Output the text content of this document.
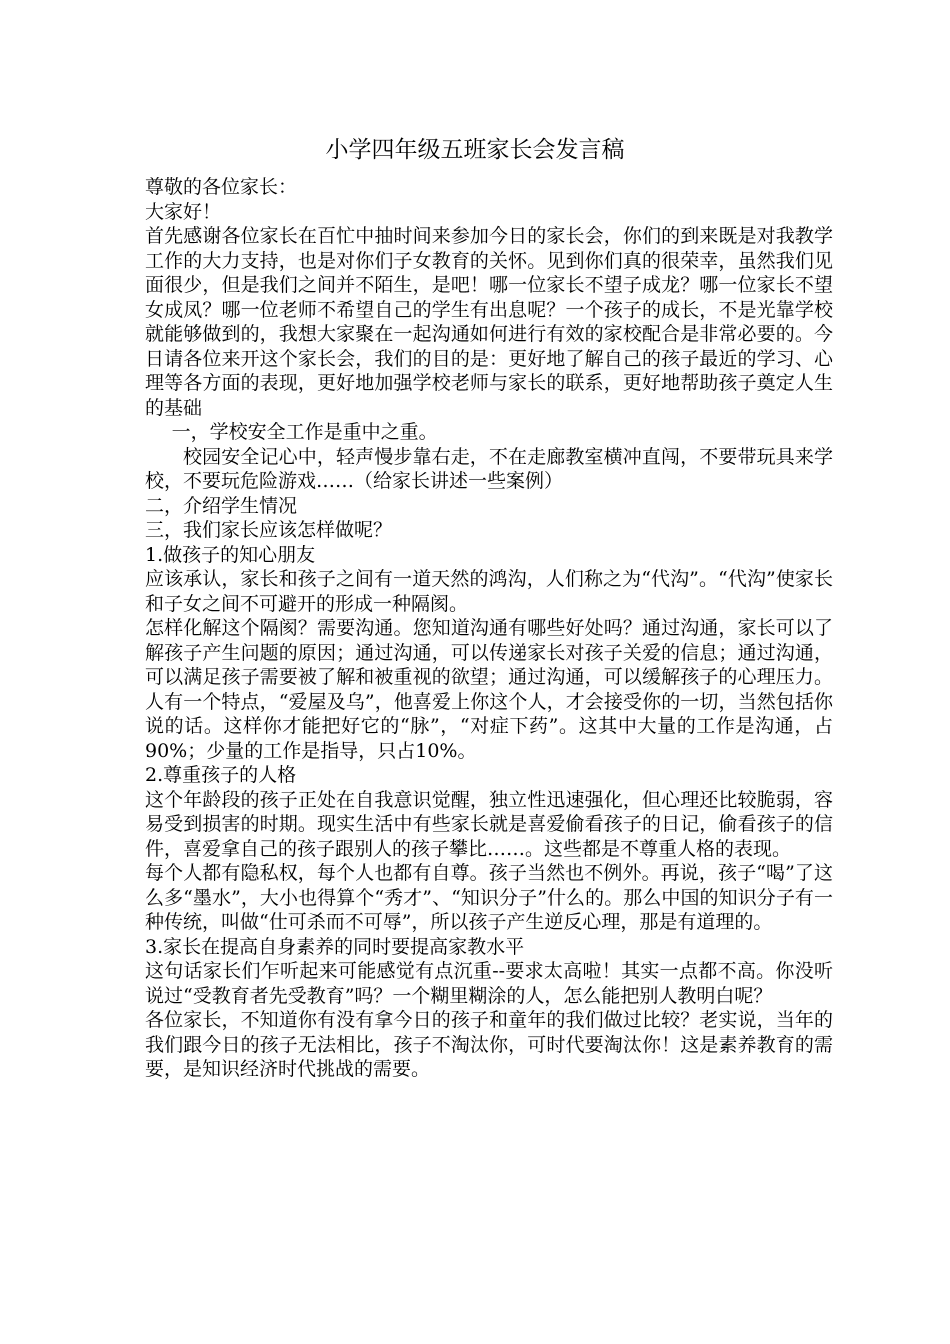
小学四年级五班家长会发言稿

尊敬的各位家长：

大家好！

首先感谢各位家长在百忙中抽时间来参加今日的家长会，你们的到来既是对我教学工作的大力支持，也是对你们子女教育的关怀。见到你们真的很荣幸，虽然我们见面很少，但是我们之间并不陌生，是吧！哪一位家长不望子成龙？哪一位家长不望女成凤？哪一位老师不希望自己的学生有出息呢？一个孩子的成长，不是光靠学校就能够做到的，我想大家聚在一起沟通如何进行有效的家校配合是非常必要的。今日请各位来开这个家长会，我们的目的是：更好地了解自己的孩子最近的学习、心理等各方面的表现，更好地加强学校老师与家长的联系，更好地帮助孩子奠定人生的基础

一，学校安全工作是重中之重。

校园安全记心中，轻声慢步靠右走，不在走廊教室横冲直闯，不要带玩具来学校，不要玩危险游戏……（给家长讲述一些案例）

二，介绍学生情况

三，我们家长应该怎样做呢？

1.做孩子的知心朋友

应该承认，家长和孩子之间有一道天然的鸿沟，人们称之为“代沟”。“代沟”使家长和子女之间不可避开的形成一种隔阂。

怎样化解这个隔阂？需要沟通。您知道沟通有哪些好处吗？通过沟通，家长可以了解孩子产生问题的原因；通过沟通，可以传递家长对孩子关爱的信息；通过沟通，可以满足孩子需要被了解和被重视的欲望；通过沟通，可以缓解孩子的心理压力。人有一个特点，“爱屋及乌”，他喜爱上你这个人，才会接受你的一切，当然包括你说的话。这样你才能把好它的“脉”，“对症下药”。这其中大量的工作是沟通，占90%；少量的工作是指导，只占10%。

2.尊重孩子的人格

这个年龄段的孩子正处在自我意识觉醒，独立性迅速强化，但心理还比较脆弱，容易受到损害的时期。现实生活中有些家长就是喜爱偷看孩子的日记，偷看孩子的信件，喜爱拿自己的孩子跟别人的孩子攀比……。这些都是不尊重人格的表现。

每个人都有隐私权，每个人也都有自尊。孩子当然也不例外。再说，孩子“喝”了这么多“墨水”，大小也得算个“秀才”、“知识分子”什么的。那么中国的知识分子有一种传统，叫做“仕可杀而不可辱”，所以孩子产生逆反心理，那是有道理的。

3.家长在提高自身素养的同时要提高家教水平

这句话家长们乍听起来可能感觉有点沉重--要求太高啦！其实一点都不高。你没听说过“受教育者先受教育”吗？一个糊里糊涂的人，怎么能把别人教明白呢？

各位家长，不知道你有没有拿今日的孩子和童年的我们做过比较？老实说，当年的我们跟今日的孩子无法相比，孩子不淘汰你，可时代要淘汰你！这是素养教育的需要，是知识经济时代挑战的需要。
